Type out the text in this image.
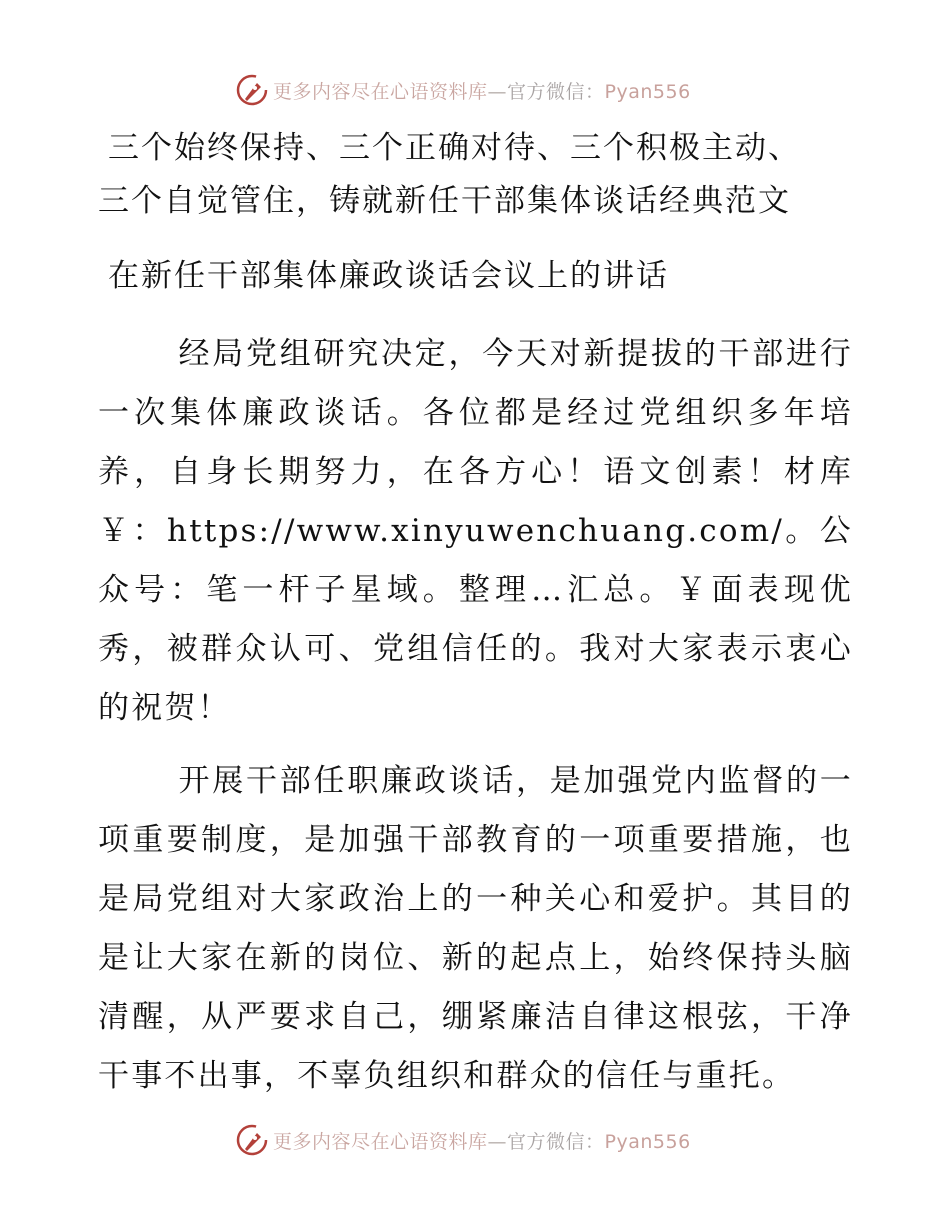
更多内容尽在心语资料库—官方微信：Pyan556
三个始终保持、三个正确对待、三个积极主动、
三个自觉管住，铸就新任干部集体谈话经典范文
在新任干部集体廉政谈话会议上的讲话
经局党组研究决定，今天对新提拔的干部进行一次集体廉政谈话。各位都是经过党组织多年培养，自身长期努力，在各方心！语文创素！材库￥：https://www.xinyuwenchuang.com/。公众号：笔一杆子星域。整理…汇总。￥面表现优秀，被群众认可、党组信任的。我对大家表示衷心的祝贺！
开展干部任职廉政谈话，是加强党内监督的一项重要制度，是加强干部教育的一项重要措施，也是局党组对大家政治上的一种关心和爱护。其目的是让大家在新的岗位、新的起点上，始终保持头脑清醒，从严要求自己，绷紧廉洁自律这根弦，干净干事不出事，不辜负组织和群众的信任与重托。
更多内容尽在心语资料库—官方微信：Pyan556
